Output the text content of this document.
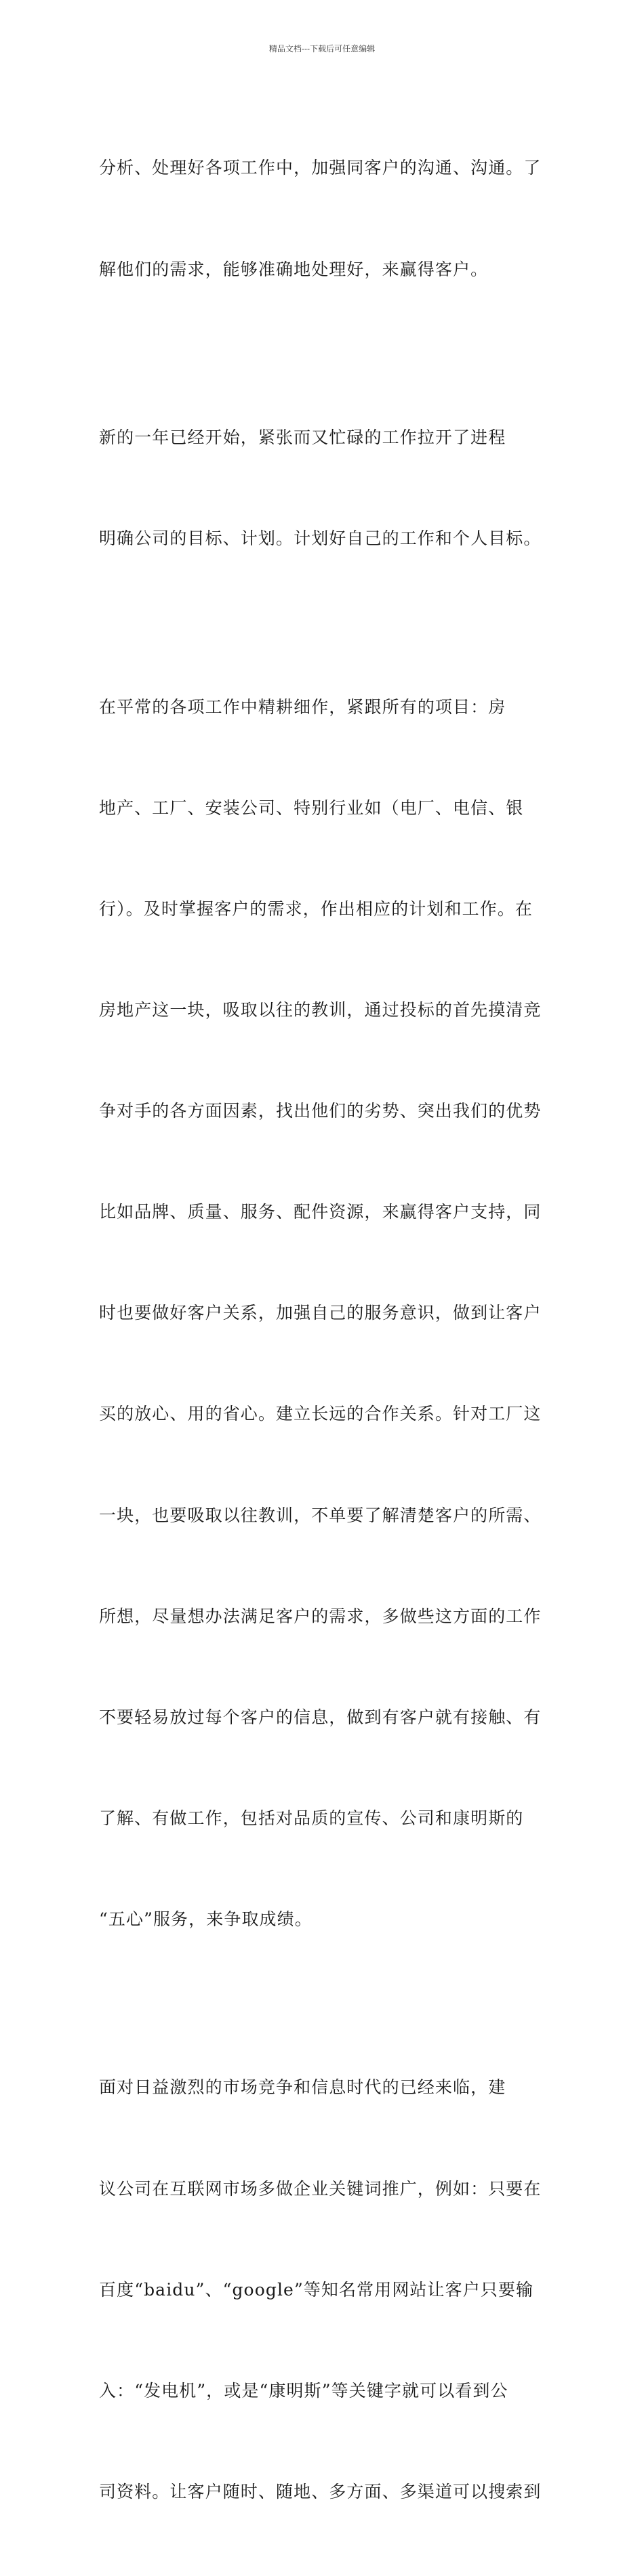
精品文档---下载后可任意编辑

分析、处理好各项工作中，加强同客户的沟通、沟通。了

解他们的需求，能够准确地处理好，来赢得客户。

新的一年已经开始，紧张而又忙碌的工作拉开了进程

明确公司的目标、计划。计划好自己的工作和个人目标。

在平常的各项工作中精耕细作，紧跟所有的项目：房

地产、工厂、安装公司、特别行业如（电厂、电信、银

行）。及时掌握客户的需求，作出相应的计划和工作。在

房地产这一块，吸取以往的教训，通过投标的首先摸清竞

争对手的各方面因素，找出他们的劣势、突出我们的优势

比如品牌、质量、服务、配件资源，来赢得客户支持，同

时也要做好客户关系，加强自己的服务意识，做到让客户

买的放心、用的省心。建立长远的合作关系。针对工厂这

一块，也要吸取以往教训，不单要了解清楚客户的所需、

所想，尽量想办法满足客户的需求，多做些这方面的工作

不要轻易放过每个客户的信息，做到有客户就有接触、有

了解、有做工作，包括对品质的宣传、公司和康明斯的

“五心”服务，来争取成绩。

面对日益激烈的市场竞争和信息时代的已经来临，建

议公司在互联网市场多做企业关键词推广，例如：只要在

百度“baidu”、“google”等知名常用网站让客户只要输

入：“发电机”，或是“康明斯”等关键字就可以看到公

司资料。让客户随时、随地、多方面、多渠道可以搜索到
